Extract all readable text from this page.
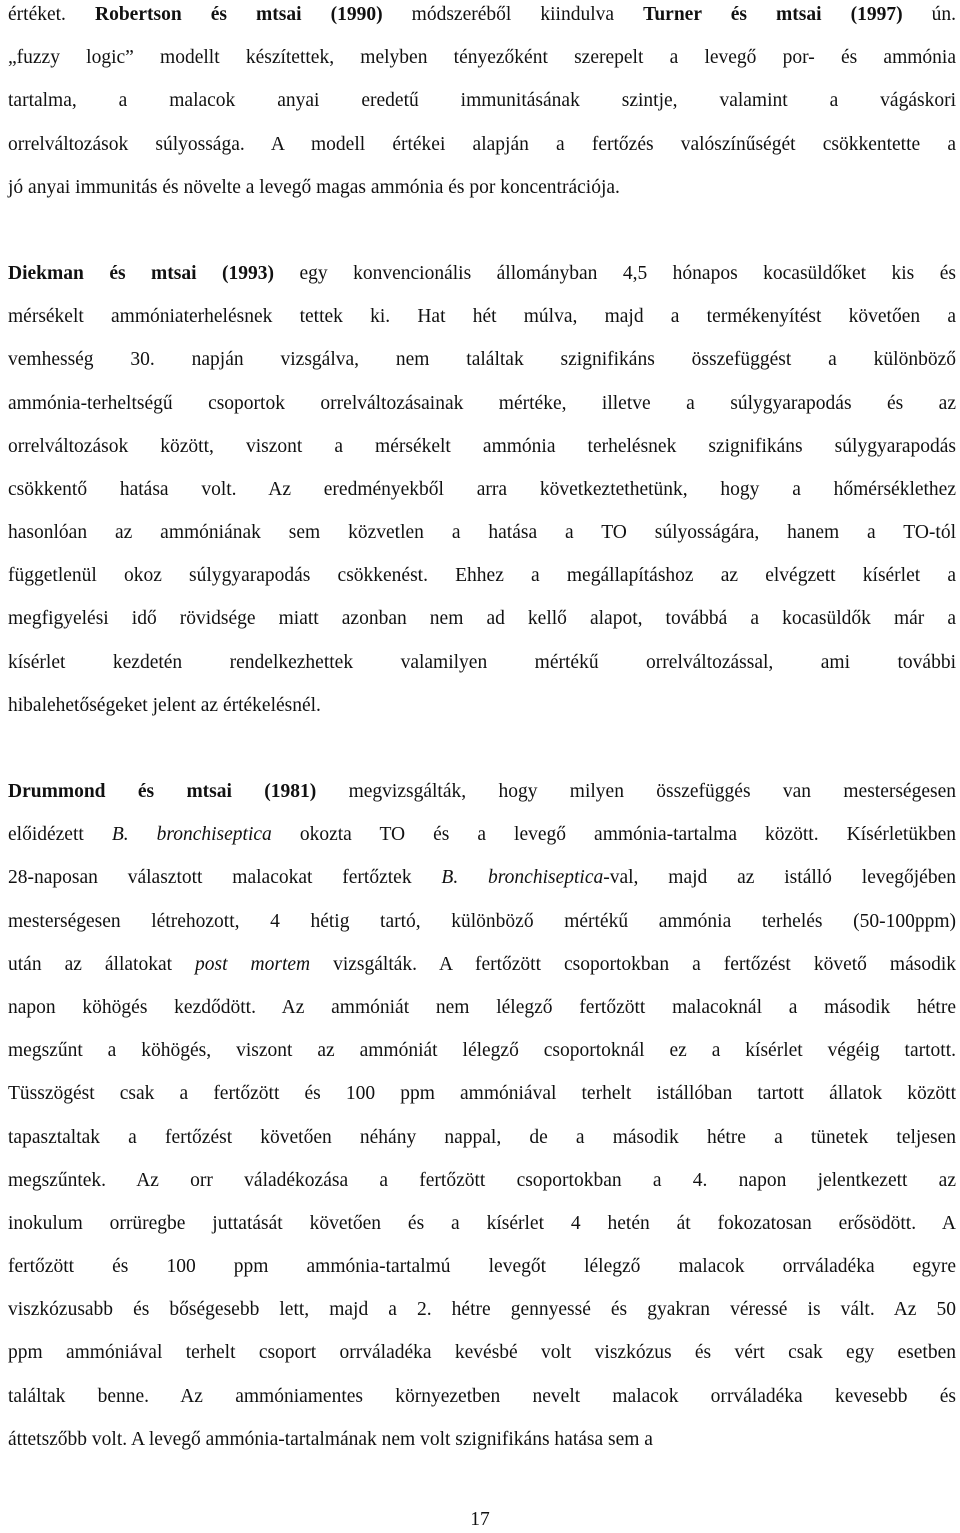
értéket. Robertson és mtsai (1990) módszeréből kiindulva Turner és mtsai (1997) ún.
„fuzzy logic” modellt készítettek, melyben tényezőként szerepelt a levegő por- és ammónia
tartalma, a malacok anyai eredetű immunitásának szintje, valamint a vágáskori
orrelváltozások súlyossága. A modell értékei alapján a fertőzés valószínűségét csökkentette a
jó anyai immunitás és növelte a levegő magas ammónia és por koncentrációja.
Diekman és mtsai (1993) egy konvencionális állományban 4,5 hónapos kocasüldőket kis és
mérsékelt ammóniaterhelésnek tettek ki. Hat hét múlva, majd a termékenyítést követően a
vemhesség 30. napján vizsgálva, nem találtak szignifikáns összefüggést a különböző
ammónia-terheltségű csoportok orrelváltozásainak mértéke, illetve a súlygyarapodás és az
orrelváltozások között, viszont a mérsékelt ammónia terhelésnek szignifikáns súlygyarapodás
csökkentő hatása volt. Az eredményekből arra következtethetünk, hogy a hőmérséklethez
hasonlóan az ammóniának sem közvetlen a hatása a TO súlyosságára, hanem a TO-tól
függetlenül okoz súlygyarapodás csökkenést. Ehhez a megállapításhoz az elvégzett kísérlet a
megfigyelési idő rövidsége miatt azonban nem ad kellő alapot, továbbá a kocasüldők már a
kísérlet kezdetén rendelkezhettek valamilyen mértékű orrelváltozással, ami további
hibalehetőségeket jelent az értékelésnél.
Drummond és mtsai (1981) megvizsgálták, hogy milyen összefüggés van mesterségesen
előidézett B. bronchiseptica okozta TO és a levegő ammónia-tartalma között. Kísérletükben
28-naposan választott malacokat fertőztek B. bronchiseptica-val, majd az istálló levegőjében
mesterségesen létrehozott, 4 hétig tartó, különböző mértékű ammónia terhelés (50-100ppm)
után az állatokat post mortem vizsgálták. A fertőzött csoportokban a fertőzést követő második
napon köhögés kezdődött. Az ammóniát nem lélegző fertőzött malacoknál a második hétre
megszűnt a köhögés, viszont az ammóniát lélegző csoportoknál ez a kísérlet végéig tartott.
Tüsszögést csak a fertőzött és 100 ppm ammóniával terhelt istállóban tartott állatok között
tapasztaltak a fertőzést követően néhány nappal, de a második hétre a tünetek teljesen
megszűntek. Az orr váladékozása a fertőzött csoportokban a 4. napon jelentkezett az
inokulum orrüregbe juttatását követően és a kísérlet 4 hetén át fokozatosan erősödött. A
fertőzött és 100 ppm ammónia-tartalmú levegőt lélegző malacok orrváladéka egyre
viszkózusabb és bőségesebb lett, majd a 2. hétre gennyessé és gyakran véressé is vált. Az 50
ppm ammóniával terhelt csoport orrváladéka kevésbé volt viszkózus és vért csak egy esetben
találtak benne. Az ammóniamentes környezetben nevelt malacok orrváladéka kevesebb és
áttetszőbb volt. A levegő ammónia-tartalmának nem volt szignifikáns hatása sem a
17
